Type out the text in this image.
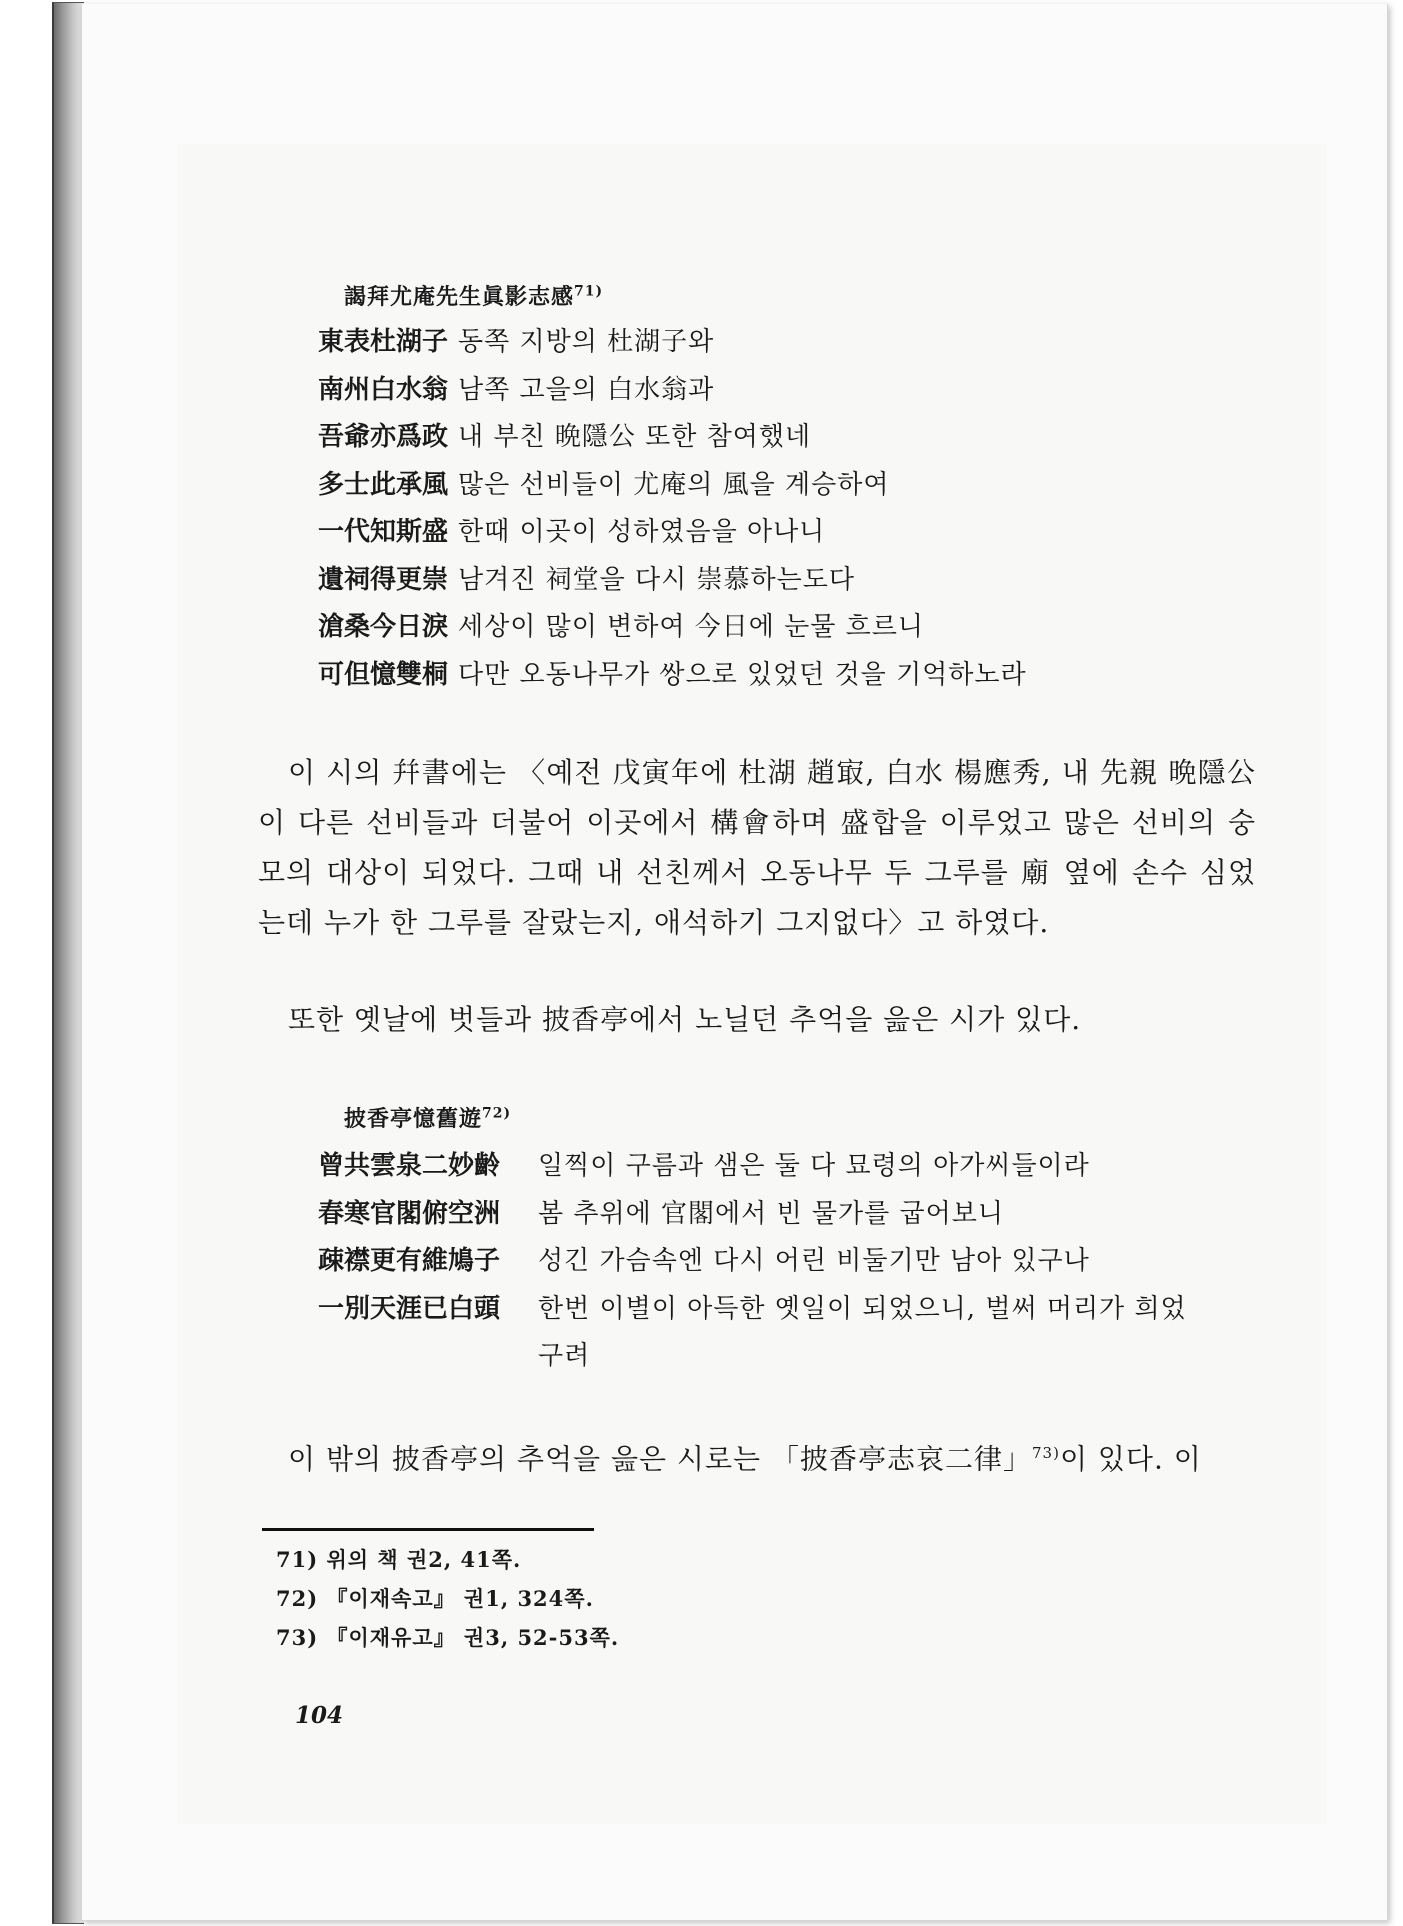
謁拜尤庵先生眞影志感$^{71)}$
東表杜湖子 동쪽 지방의 杜湖子와
南州白水翁 남쪽 고을의 白水翁과
吾爺亦爲政 내 부친 晩隱公 또한 참여했네
多士此承風 많은 선비들이 尤庵의 風을 계승하여
一代知斯盛 한때 이곳이 성하였음을 아나니
遺祠得更崇 남겨진 祠堂을 다시 崇慕하는도다
滄桑今日淚 세상이 많이 변하여 今日에 눈물 흐르니
可但憶雙桐 다만 오동나무가 쌍으로 있었던 것을 기억하노라
이 시의 幷書에는 〈예전 戊寅年에 杜湖 趙㝡, 白水 楊應秀, 내 先親 晩隱公이 다른 선비들과 더불어 이곳에서 構會하며 盛합을 이루었고 많은 선비의 숭모의 대상이 되었다. 그때 내 선친께서 오동나무 두 그루를 廟 옆에 손수 심었는데 누가 한 그루를 잘랐는지, 애석하기 그지없다〉고 하였다.
또한 옛날에 벗들과 披香亭에서 노닐던 추억을 읊은 시가 있다.
披香亭憶舊遊$^{72)}$
曾共雲泉二妙齡	일찍이 구름과 샘은 둘 다 묘령의 아가씨들이라
春寒官閣俯空洲	봄 추위에 官閣에서 빈 물가를 굽어보니
疎襟更有維鳩子	성긴 가슴속엔 다시 어린 비둘기만 남아 있구나
一別天涯已白頭	한번 이별이 아득한 옛일이 되었으니, 벌써 머리가 희었
구려
이 밖의 披香亭의 추억을 읊은 시로는 「披香亭志哀二律」$^{73)}$이 있다. 이
71) 위의 책 권2, 41쪽.
72) 『이재속고』 권1, 324쪽.
73) 『이재유고』 권3, 52-53쪽.
104
